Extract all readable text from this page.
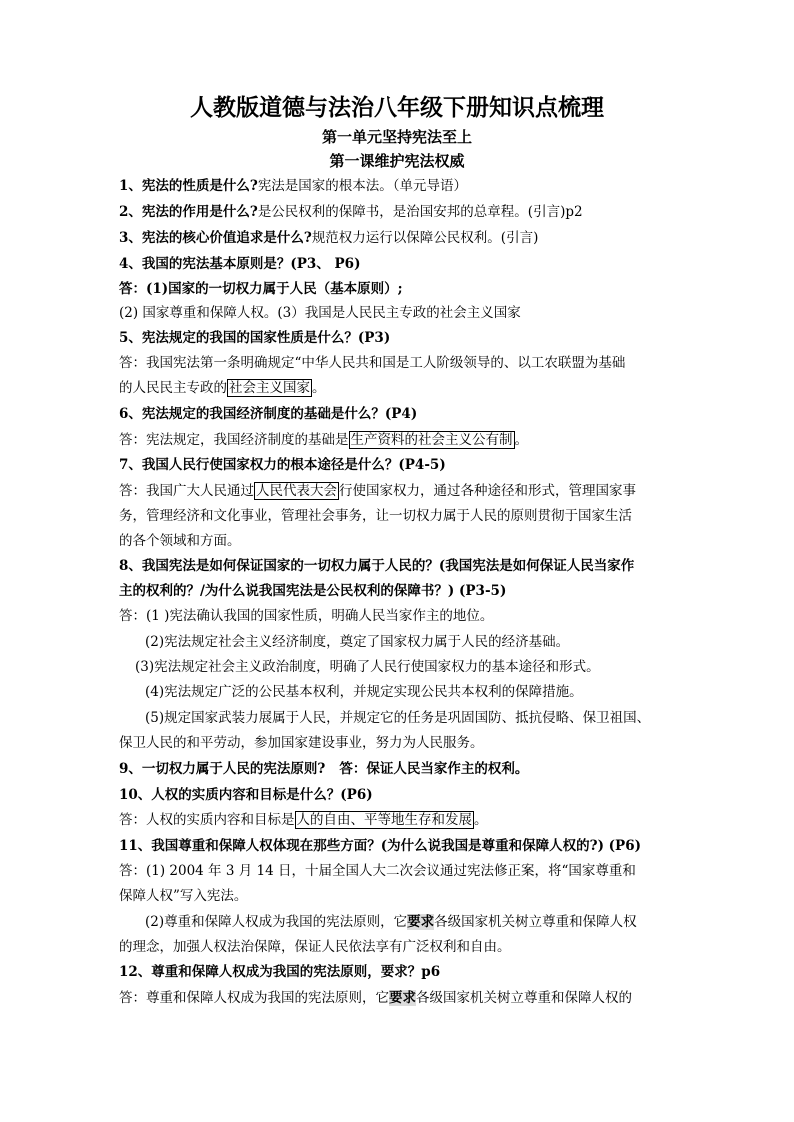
人教版道德与法治八年级下册知识点梳理
第一单元坚持宪法至上
第一课维护宪法权威
1、宪法的性质是什么?宪法是国家的根本法。（单元导语）
2、宪法的作用是什么?是公民权利的保障书，是治国安邦的总章程。(引言)p2
3、宪法的核心价值追求是什么?规范权力运行以保障公民权利。(引言)
4、我国的宪法基本原则是？(P3、 P6)
答：(1)国家的一切权力属于人民（基本原则）;
(2) 国家尊重和保障人权。(3）我国是人民民主专政的社会主义国家
5、宪法规定的我国的国家性质是什么？(P3)
答：我国宪法第一条明确规定“中华人民共和国是工人阶级领导的、以工农联盟为基础
的人民民主专政的 社会主义国家 。
6、宪法规定的我国经济制度的基础是什么？(P4)
答：宪法规定，我国经济制度的基础是 生产资料的社会主义公有制 。
7、我国人民行使国家权力的根本途径是什么？(P4-5)
答：我国广大人民通过 人民代表大会 行使国家权力，通过各种途径和形式，管理国家事
务，管理经济和文化事业，管理社会事务，让一切权力属于人民的原则贯彻于国家生活
的各个领域和方面。
8、我国宪法是如何保证国家的一切权力属于人民的？(我国宪法是如何保证人民当家作
主的权利的？/为什么说我国宪法是公民权利的保障书？) (P3-5)
答：(1 )宪法确认我国的国家性质，明确人民当家作主的地位。
(2)宪法规定社会主义经济制度，奠定了国家权力属于人民的经济基础。
(3)宪法规定社会主义政治制度，明确了人民行使国家权力的基本途径和形式。
(4)宪法规定广泛的公民基本权利，并规定实现公民共本权利的保障措施。
(5)规定国家武装力展属于人民，并规定它的任务是巩固国防、抵抗侵略、保卫祖国、
保卫人民的和平劳动，参加国家建设事业，努力为人民服务。
9、一切权力属于人民的宪法原则? 答：保证人民当家作主的权利。
10、人权的实质内容和目标是什么？(P6)
答：人权的实质内容和目标是 人的自由、平等地生存和发展 。
11、我国尊重和保障人权体现在那些方面？(为什么说我国是尊重和保障人权的?) (P6)
答：(1) 2004 年 3 月 14 日，十届全国人大二次会议通过宪法修正案，将“国家尊重和
保障人权”写入宪法。
(2)尊重和保障人权成为我国的宪法原则，它要求各级国家机关树立尊重和保障人权
的理念，加强人权法治保障，保证人民依法享有广泛权利和自由。
12、尊重和保障人权成为我国的宪法原则，要求？p6
答：尊重和保障人权成为我国的宪法原则，它要求各级国家机关树立尊重和保障人权的
